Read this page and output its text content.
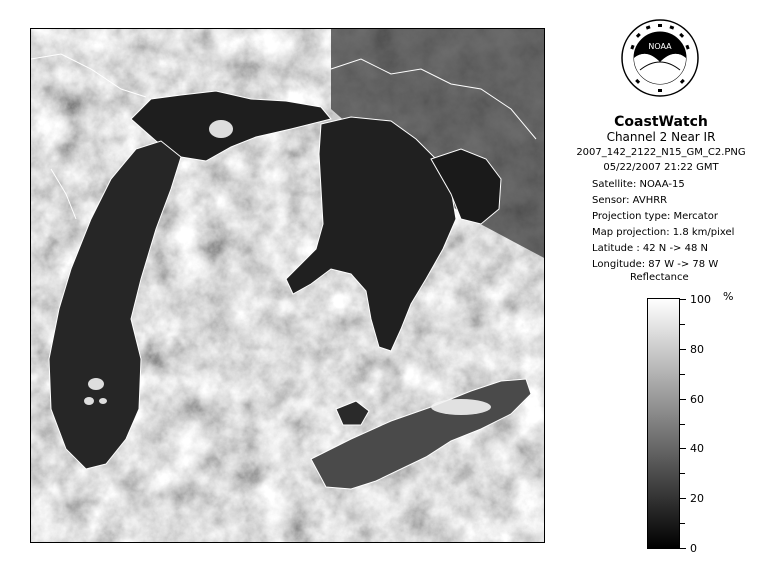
NOAA
CoastWatch
Channel 2 Near IR
2007_142_2122_N15_GM_C2.PNG
05/22/2007 21:22 GMT
Satellite: NOAA-15
Sensor: AVHRR
Projection type: Mercator
Map projection: 1.8 km/pixel
Latitude : 42 N -> 48 N
Longitude: 87 W -> 78 W
Reflectance
%
100
80
60
40
20
0
